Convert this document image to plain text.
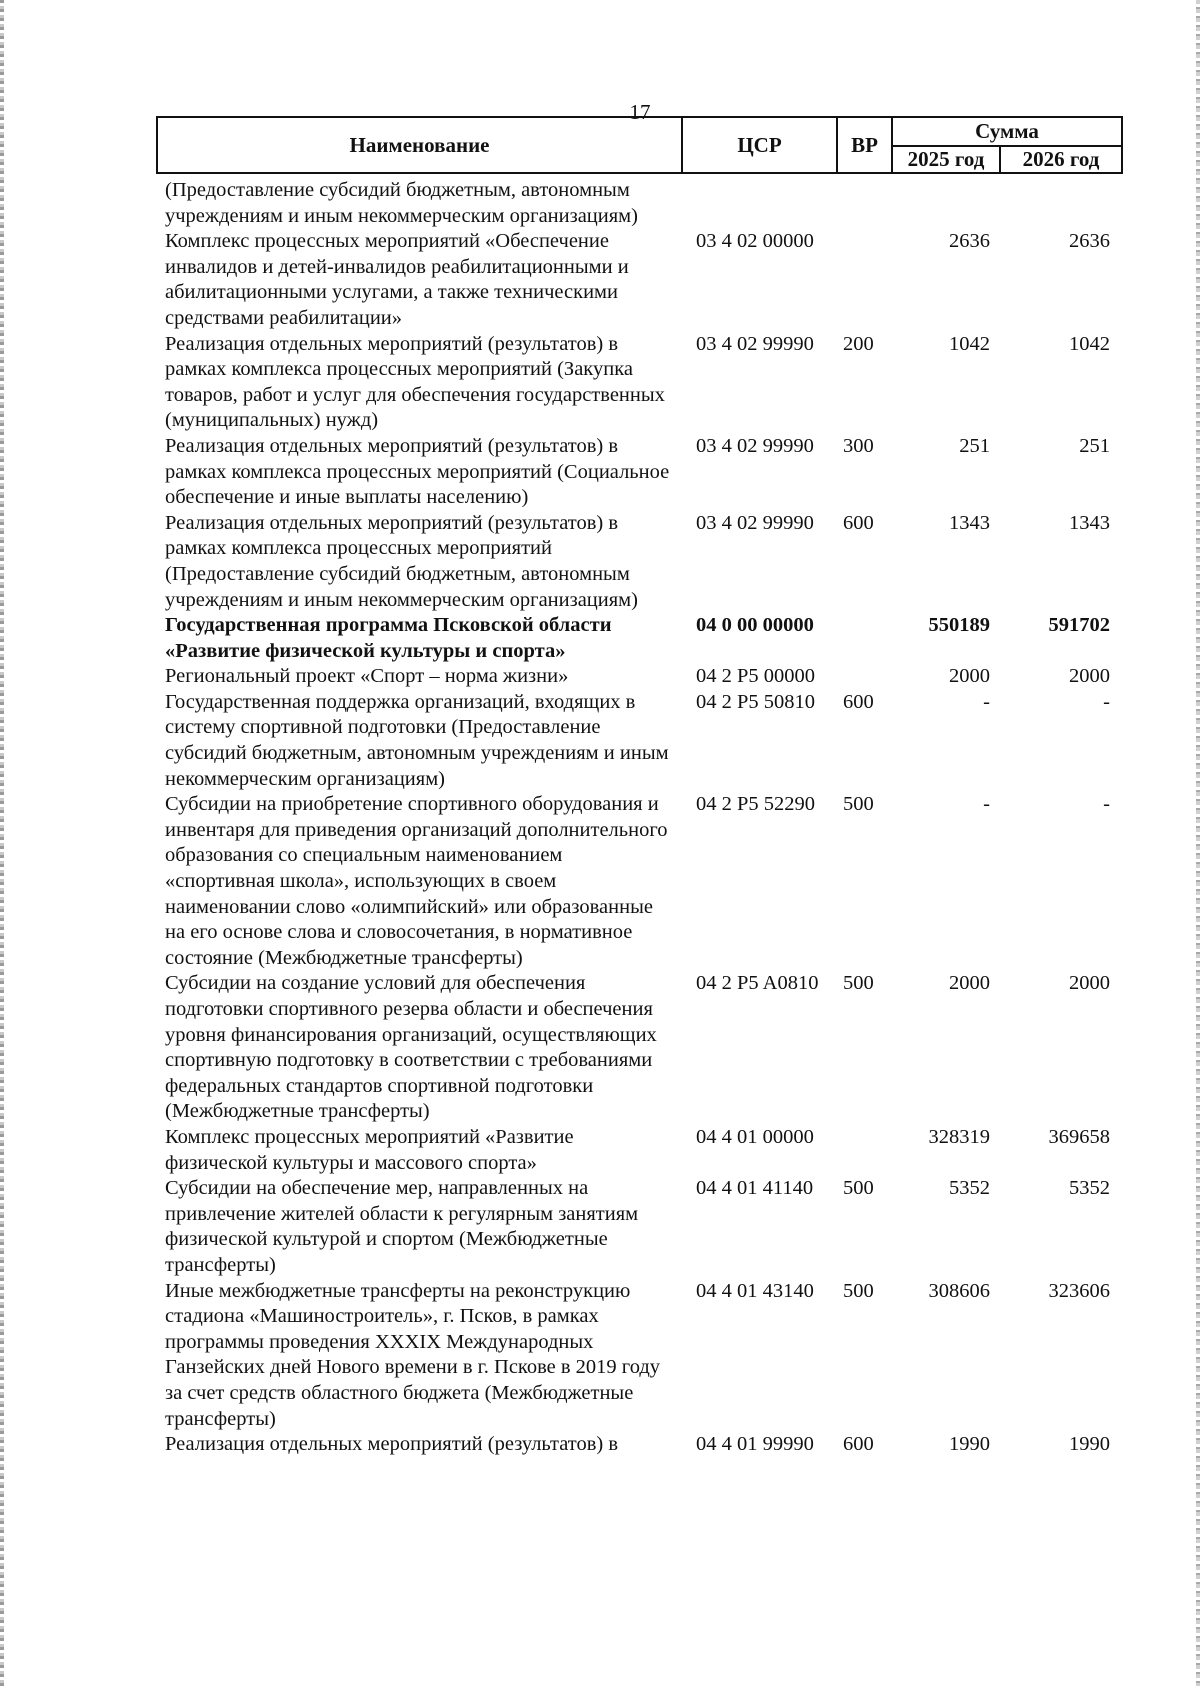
17
Наименование	ЦСР	ВР	Сумма	
			2025 год	2026 год
(Предоставление субсидий бюджетным, автономным учреждениям и иным некоммерческим организациям)				
Комплекс процессных мероприятий «Обеспечение инвалидов и детей-инвалидов реабилитационными и абилитационными услугами, а также техническими средствами реабилитации»	03 4 02 00000		2636	2636
Реализация отдельных мероприятий (результатов) в рамках комплекса процессных мероприятий (Закупка товаров, работ и услуг для обеспечения государственных (муниципальных) нужд)	03 4 02 99990	200	1042	1042
Реализация отдельных мероприятий (результатов) в рамках комплекса процессных мероприятий (Социальное обеспечение и иные выплаты населению)	03 4 02 99990	300	251	251
Реализация отдельных мероприятий (результатов) в рамках комплекса процессных мероприятий (Предоставление субсидий бюджетным, автономным учреждениям и иным некоммерческим организациям)	03 4 02 99990	600	1343	1343
Государственная программа Псковской области «Развитие физической культуры и спорта»	04 0 00 00000		550189	591702
Региональный проект «Спорт – норма жизни»	04 2 P5 00000		2000	2000
Государственная поддержка организаций, входящих в систему спортивной подготовки (Предоставление субсидий бюджетным, автономным учреждениям и иным некоммерческим организациям)	04 2 P5 50810	600	-	-
Субсидии на приобретение спортивного оборудования и инвентаря для приведения организаций дополнительного образования со специальным наименованием «спортивная школа», использующих в своем наименовании слово «олимпийский» или образованные на его основе слова и словосочетания, в нормативное состояние (Межбюджетные трансферты)	04 2 P5 52290	500	-	-
Субсидии на создание условий для обеспечения подготовки спортивного резерва области и обеспечения уровня финансирования организаций, осуществляющих спортивную подготовку в соответствии с требованиями федеральных стандартов спортивной подготовки (Межбюджетные трансферты)	04 2 P5 A0810	500	2000	2000
Комплекс процессных мероприятий «Развитие физической культуры и массового спорта»	04 4 01 00000		328319	369658
Субсидии на обеспечение мер, направленных на привлечение жителей области к регулярным занятиям физической культурой и спортом (Межбюджетные трансферты)	04 4 01 41140	500	5352	5352
Иные межбюджетные трансферты на реконструкцию стадиона «Машиностроитель», г. Псков, в рамках программы проведения XXXIX Международных Ганзейских дней Нового времени в г. Пскове в 2019 году за счет средств областного бюджета (Межбюджетные трансферты)	04 4 01 43140	500	308606	323606
Реализация отдельных мероприятий (результатов) в	04 4 01 99990	600	1990	1990
